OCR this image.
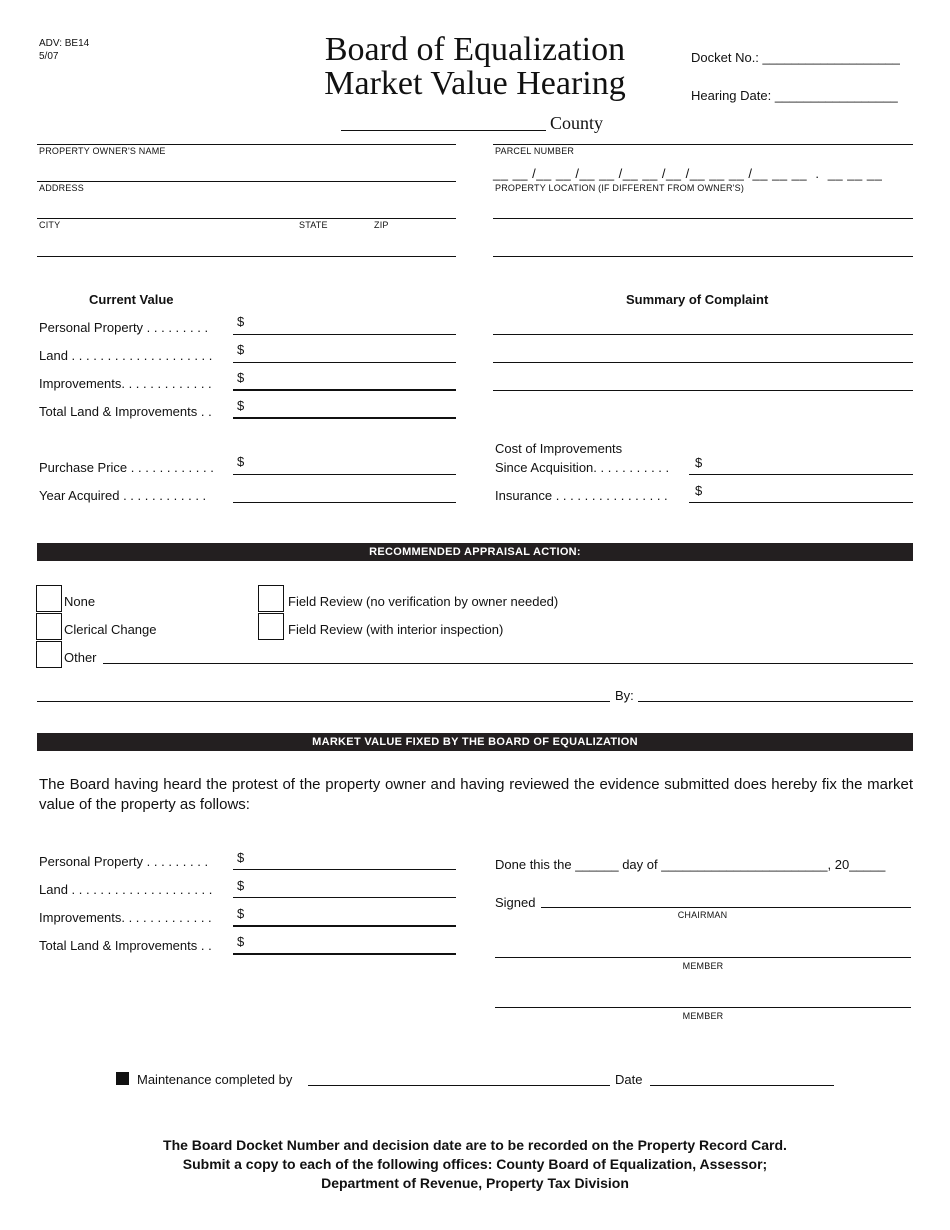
ADV: BE14
5/07	Board of Equalization
Market Value Hearing
County
Docket No.: ___________________
Hearing Date: _________________
PROPERTY OWNER'S NAME
ADDRESS
CITY	STATE	ZIP
PARCEL NUMBER
__ __ /__ __ /__ __ /__ __ /__ /__ __ __ /__ __ __  .  __ __ __
PROPERTY LOCATION (IF DIFFERENT FROM OWNER'S)
Current Value
Personal Property . . . . . . . . . $
Land . . . . . . . . . . . . . . . . . . . . $
Improvements. . . . . . . . . . . . . $
Total Land & Improvements . . $
Purchase Price . . . . . . . . . . . . $
Year Acquired . . . . . . . . . . . .
Summary of Complaint
Cost of Improvements
Since Acquisition. . . . . . . . . . . $
Insurance . . . . . . . . . . . . . . . . $
RECOMMENDED APPRAISAL ACTION:
None
Clerical Change
Other
Field Review (no verification by owner needed)
Field Review (with interior inspection)
By:
MARKET VALUE FIXED BY THE BOARD OF EQUALIZATION
The Board having heard the protest of the property owner and having reviewed the evidence submitted does hereby fix the market value of the property as follows:
Personal Property . . . . . . . . . $
Land . . . . . . . . . . . . . . . . . . . . $
Improvements. . . . . . . . . . . . . $
Total Land & Improvements . . $
Done this the ______ day of _______________________, 20_____
Signed
CHAIRMAN
MEMBER
MEMBER
Maintenance completed by	Date
The Board Docket Number and decision date are to be recorded on the Property Record Card.
Submit a copy to each of the following offices: County Board of Equalization, Assessor;
Department of Revenue, Property Tax Division
